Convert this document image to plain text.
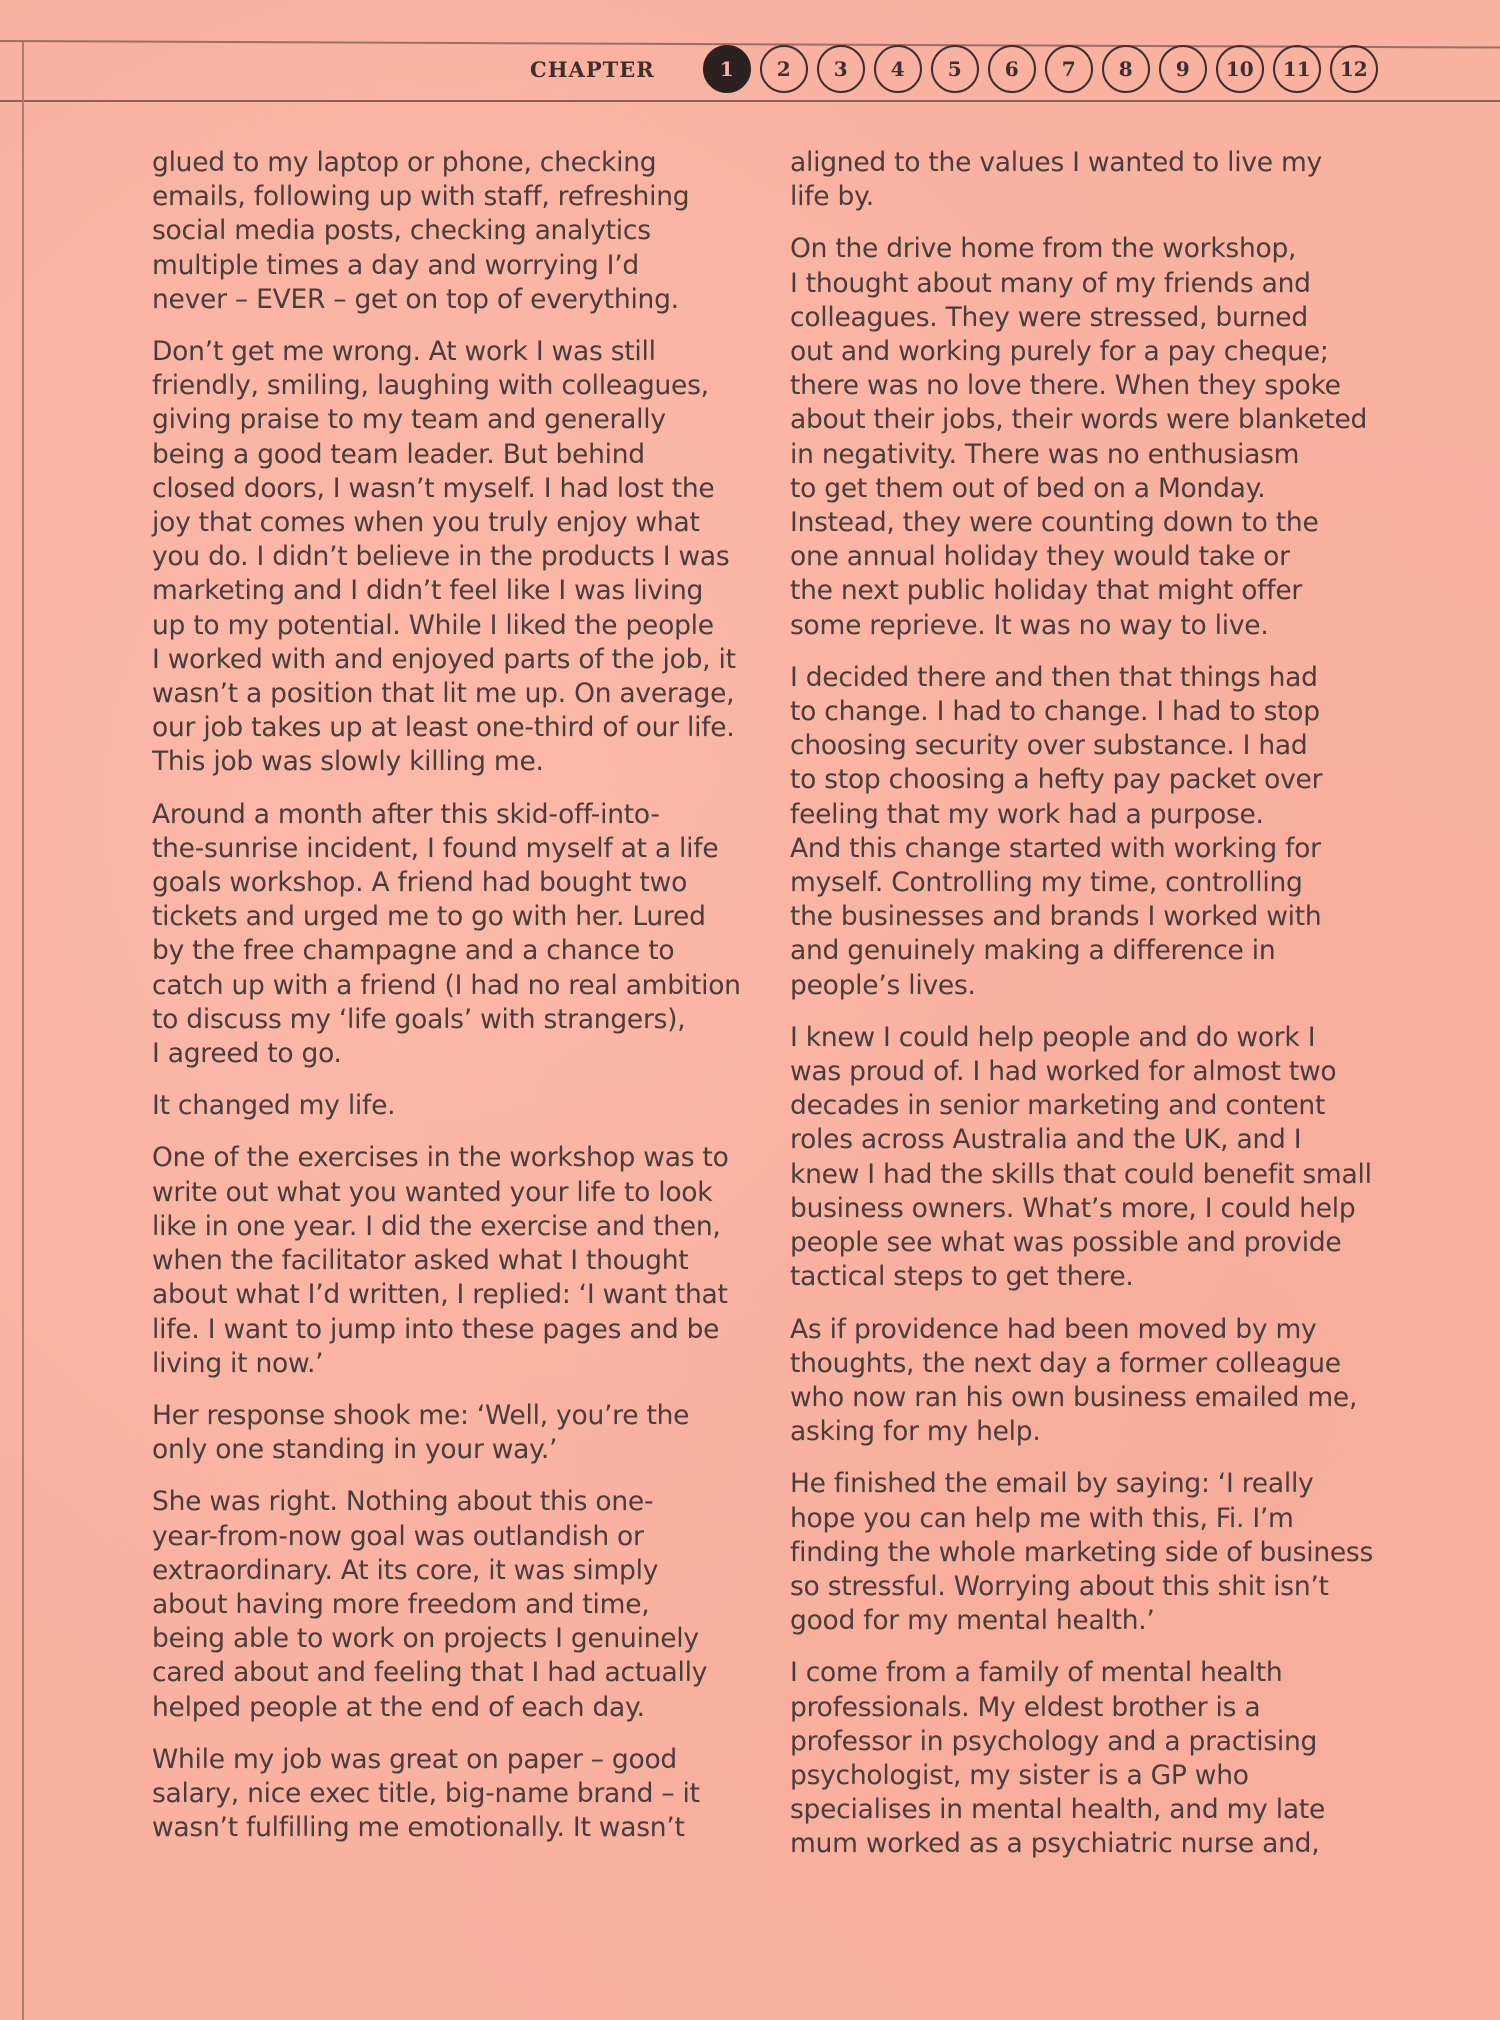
CHAPTER	1	2	3	4	5	6	7	8	9	10	11	12

glued to my laptop or phone, checking
emails, following up with staff, refreshing
social media posts, checking analytics
multiple times a day and worrying I’d
never – EVER – get on top of everything.

Don’t get me wrong. At work I was still
friendly, smiling, laughing with colleagues,
giving praise to my team and generally
being a good team leader. But behind
closed doors, I wasn’t myself. I had lost the
joy that comes when you truly enjoy what
you do. I didn’t believe in the products I was
marketing and I didn’t feel like I was living
up to my potential. While I liked the people
I worked with and enjoyed parts of the job, it
wasn’t a position that lit me up. On average,
our job takes up at least one-third of our life.
This job was slowly killing me.

Around a month after this skid-off-into-
the-sunrise incident, I found myself at a life
goals workshop. A friend had bought two
tickets and urged me to go with her. Lured
by the free champagne and a chance to
catch up with a friend (I had no real ambition
to discuss my ‘life goals’ with strangers),
I agreed to go.

It changed my life.

One of the exercises in the workshop was to
write out what you wanted your life to look
like in one year. I did the exercise and then,
when the facilitator asked what I thought
about what I’d written, I replied: ‘I want that
life. I want to jump into these pages and be
living it now.’

Her response shook me: ‘Well, you’re the
only one standing in your way.’

She was right. Nothing about this one-
year-from-now goal was outlandish or
extraordinary. At its core, it was simply
about having more freedom and time,
being able to work on projects I genuinely
cared about and feeling that I had actually
helped people at the end of each day.

While my job was great on paper – good
salary, nice exec title, big-name brand – it
wasn’t fulfilling me emotionally. It wasn’t

aligned to the values I wanted to live my
life by.

On the drive home from the workshop,
I thought about many of my friends and
colleagues. They were stressed, burned
out and working purely for a pay cheque;
there was no love there. When they spoke
about their jobs, their words were blanketed
in negativity. There was no enthusiasm
to get them out of bed on a Monday.
Instead, they were counting down to the
one annual holiday they would take or
the next public holiday that might offer
some reprieve. It was no way to live.

I decided there and then that things had
to change. I had to change. I had to stop
choosing security over substance. I had
to stop choosing a hefty pay packet over
feeling that my work had a purpose.
And this change started with working for
myself. Controlling my time, controlling
the businesses and brands I worked with
and genuinely making a difference in
people’s lives.

I knew I could help people and do work I
was proud of. I had worked for almost two
decades in senior marketing and content
roles across Australia and the UK, and I
knew I had the skills that could benefit small
business owners. What’s more, I could help
people see what was possible and provide
tactical steps to get there.

As if providence had been moved by my
thoughts, the next day a former colleague
who now ran his own business emailed me,
asking for my help.

He finished the email by saying: ‘I really
hope you can help me with this, Fi. I’m
finding the whole marketing side of business
so stressful. Worrying about this shit isn’t
good for my mental health.’

I come from a family of mental health
professionals. My eldest brother is a
professor in psychology and a practising
psychologist, my sister is a GP who
specialises in mental health, and my late
mum worked as a psychiatric nurse and,
